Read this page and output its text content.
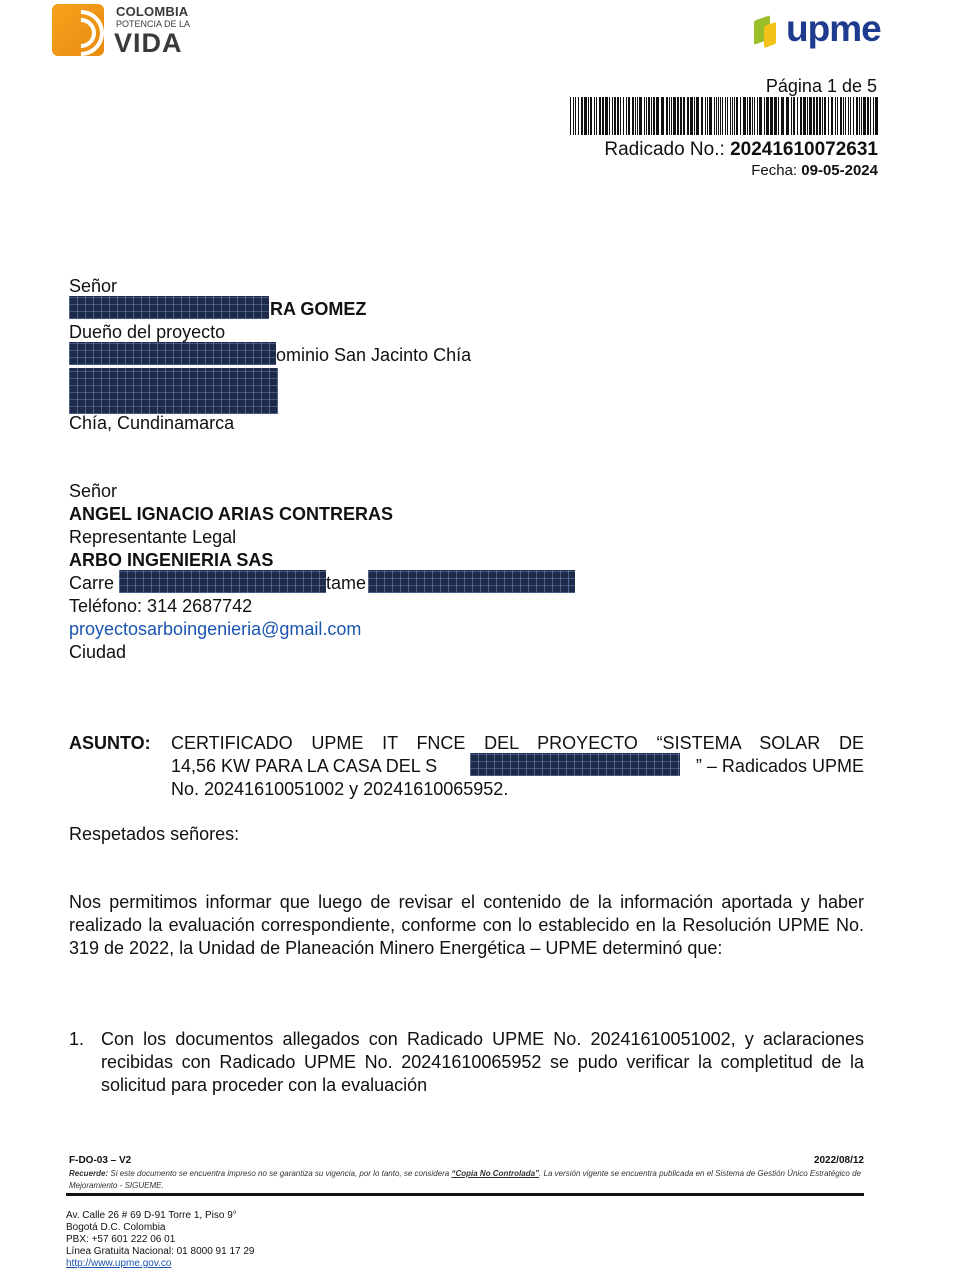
COLOMBIA
POTENCIA DE LA
VIDA	upme
Página 1 de 5
Radicado No.: 20241610072631
Fecha: 09-05-2024
Señor
RA GOMEZ
Dueño del proyecto
ominio San Jacinto Chía
Chía, Cundinamarca
Señor
ANGEL IGNACIO ARIAS CONTRERAS
Representante Legal
ARBO INGENIERIA SAS
Carre	tame
Teléfono: 314 2687742
proyectosarboingenieria@gmail.com
Ciudad
ASUNTO: CERTIFICADO UPME IT FNCE DEL PROYECTO “SISTEMA SOLAR DE
14,56 KW PARA LA CASA DEL S	” – Radicados UPME
No. 20241610051002 y 20241610065952.
Respetados señores:
Nos permitimos informar que luego de revisar el contenido de la información aportada y haber realizado la evaluación correspondiente, conforme con lo establecido en la Resolución UPME No. 319 de 2022, la Unidad de Planeación Minero Energética – UPME determinó que:
1. Con los documentos allegados con Radicado UPME No. 20241610051002, y aclaraciones recibidas con Radicado UPME No. 20241610065952 se pudo verificar la completitud de la solicitud para proceder con la evaluación
F-DO-03 – V2	2022/08/12
Recuerde: Si este documento se encuentra impreso no se garantiza su vigencia, por lo tanto, se considera “Copia No Controlada”. La versión vigente se encuentra publicada en el Sistema de Gestión Único Estratégico de Mejoramiento - SIGUEME.
Av. Calle 26 # 69 D-91 Torre 1, Piso 9°
Bogotá D.C. Colombia
PBX: +57 601 222 06 01
Línea Gratuita Nacional: 01 8000 91 17 29
http://www.upme.gov.co
